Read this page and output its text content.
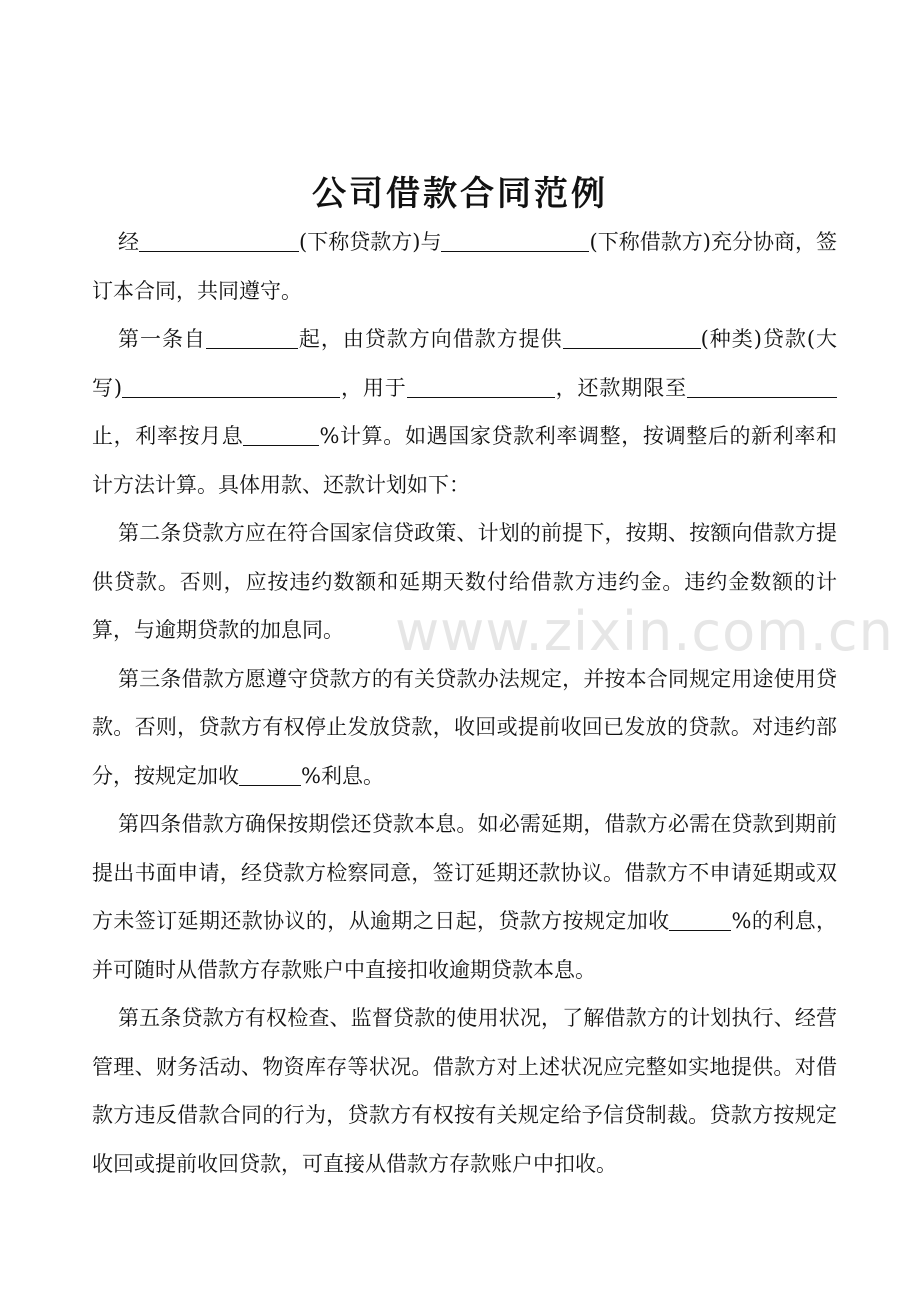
www.zixin.com.cn
公司借款合同范例

经	(下称贷款方)与	(下称借款方)充分协商，签订本合同，共同遵守。

第一条自	起，由贷款方向借款方提供	(种类)贷款(大写)	，用于	，还款期限至止，利率按月息	%计算。如遇国家贷款利率调整，按调整后的新利率和计方法计算。具体用款、还款计划如下：

第二条贷款方应在符合国家信贷政策、计划的前提下，按期、按额向借款方提供贷款。否则，应按违约数额和延期天数付给借款方违约金。违约金数额的计算，与逾期贷款的加息同。

第三条借款方愿遵守贷款方的有关贷款办法规定，并按本合同规定用途使用贷款。否则，贷款方有权停止发放贷款，收回或提前收回已发放的贷款。对违约部分，按规定加收	%利息。

第四条借款方确保按期偿还贷款本息。如必需延期，借款方必需在贷款到期前提出书面申请，经贷款方检察同意，签订延期还款协议。借款方不申请延期或双方未签订延期还款协议的，从逾期之日起，贷款方按规定加收	%的利息，并可随时从借款方存款账户中直接扣收逾期贷款本息。

第五条贷款方有权检查、监督贷款的使用状况，了解借款方的计划执行、经营管理、财务活动、物资库存等状况。借款方对上述状况应完整如实地提供。对借款方违反借款合同的行为，贷款方有权按有关规定给予信贷制裁。贷款方按规定收回或提前收回贷款，可直接从借款方存款账户中扣收。
